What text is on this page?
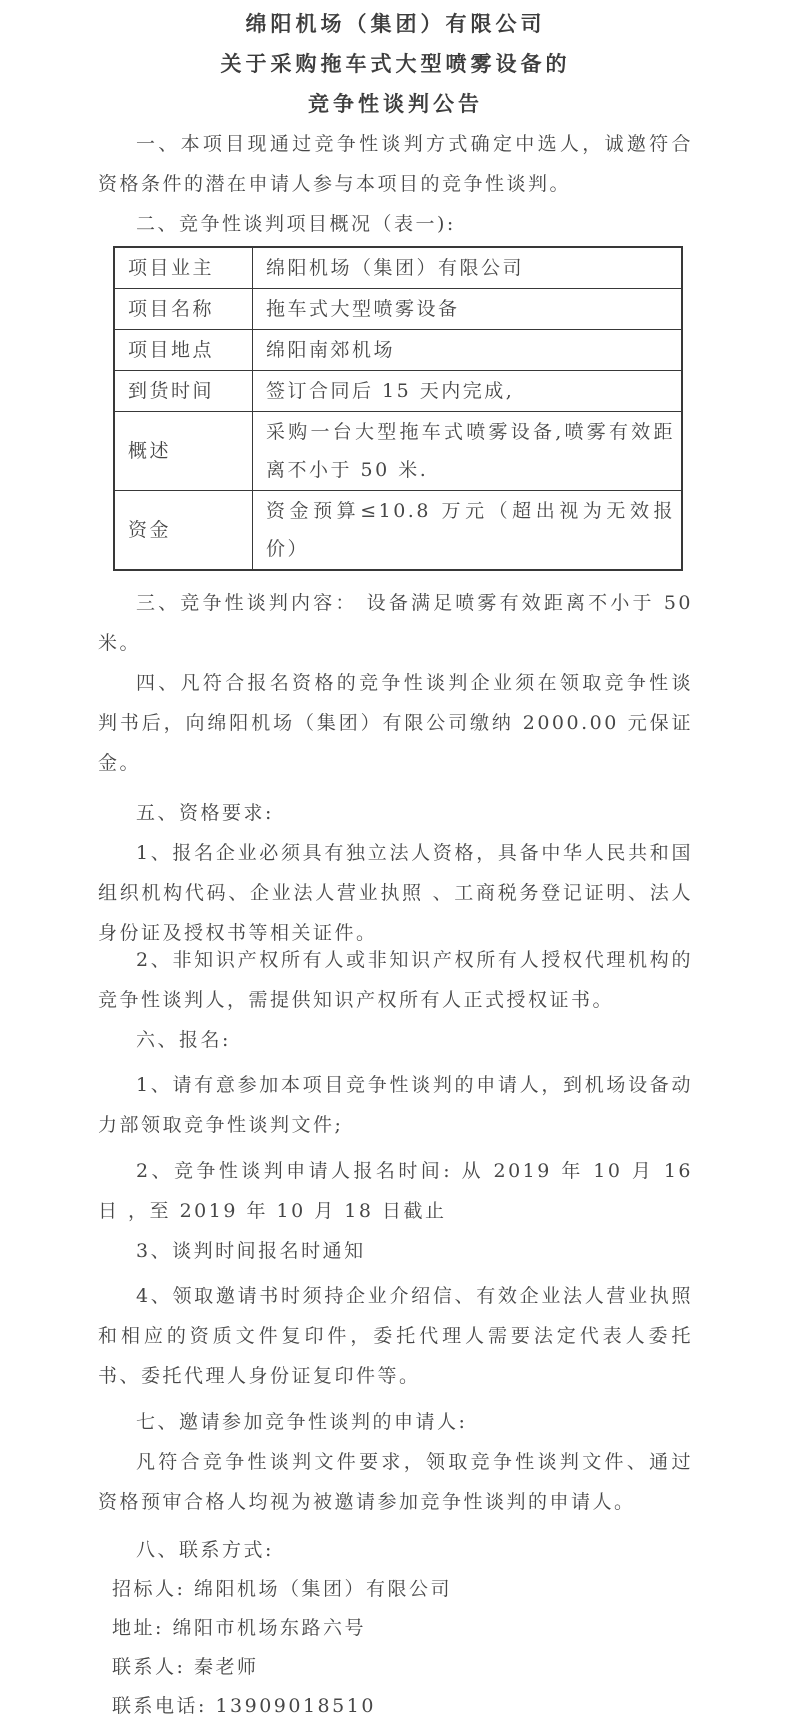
绵阳机场（集团）有限公司
关于采购拖车式大型喷雾设备的
竞争性谈判公告

一、本项目现通过竞争性谈判方式确定中选人，诚邀符合资格条件的潜在申请人参与本项目的竞争性谈判。

二、竞争性谈判项目概况（表一):

项目业主	绵阳机场（集团）有限公司
项目名称	拖车式大型喷雾设备
项目地点	绵阳南郊机场
到货时间	签订合同后 15 天内完成,
概述	采购一台大型拖车式喷雾设备,喷雾有效距离不小于 50 米.
资金	资金预算≤10.8 万元（超出视为无效报价）

三、竞争性谈判内容： 设备满足喷雾有效距离不小于 50 米。

四、凡符合报名资格的竞争性谈判企业须在领取竞争性谈判书后，向绵阳机场（集团）有限公司缴纳 2000.00 元保证金。

五、资格要求:

1、报名企业必须具有独立法人资格，具备中华人民共和国组织机构代码、企业法人营业执照 、工商税务登记证明、法人身份证及授权书等相关证件。

2、非知识产权所有人或非知识产权所有人授权代理机构的竞争性谈判人，需提供知识产权所有人正式授权证书。

六、报名:

1、请有意参加本项目竞争性谈判的申请人，到机场设备动力部领取竞争性谈判文件;

2、竞争性谈判申请人报名时间: 从 2019 年 10 月 16 日 ，至 2019 年 10 月 18 日截止

3、谈判时间报名时通知

4、领取邀请书时须持企业介绍信、有效企业法人营业执照和相应的资质文件复印件，委托代理人需要法定代表人委托书、委托代理人身份证复印件等。

七、邀请参加竞争性谈判的申请人:

凡符合竞争性谈判文件要求，领取竞争性谈判文件、通过资格预审合格人均视为被邀请参加竞争性谈判的申请人。

八、联系方式:

招标人: 绵阳机场（集团）有限公司

地址: 绵阳市机场东路六号

联系人: 秦老师

联系电话: 13909018510
